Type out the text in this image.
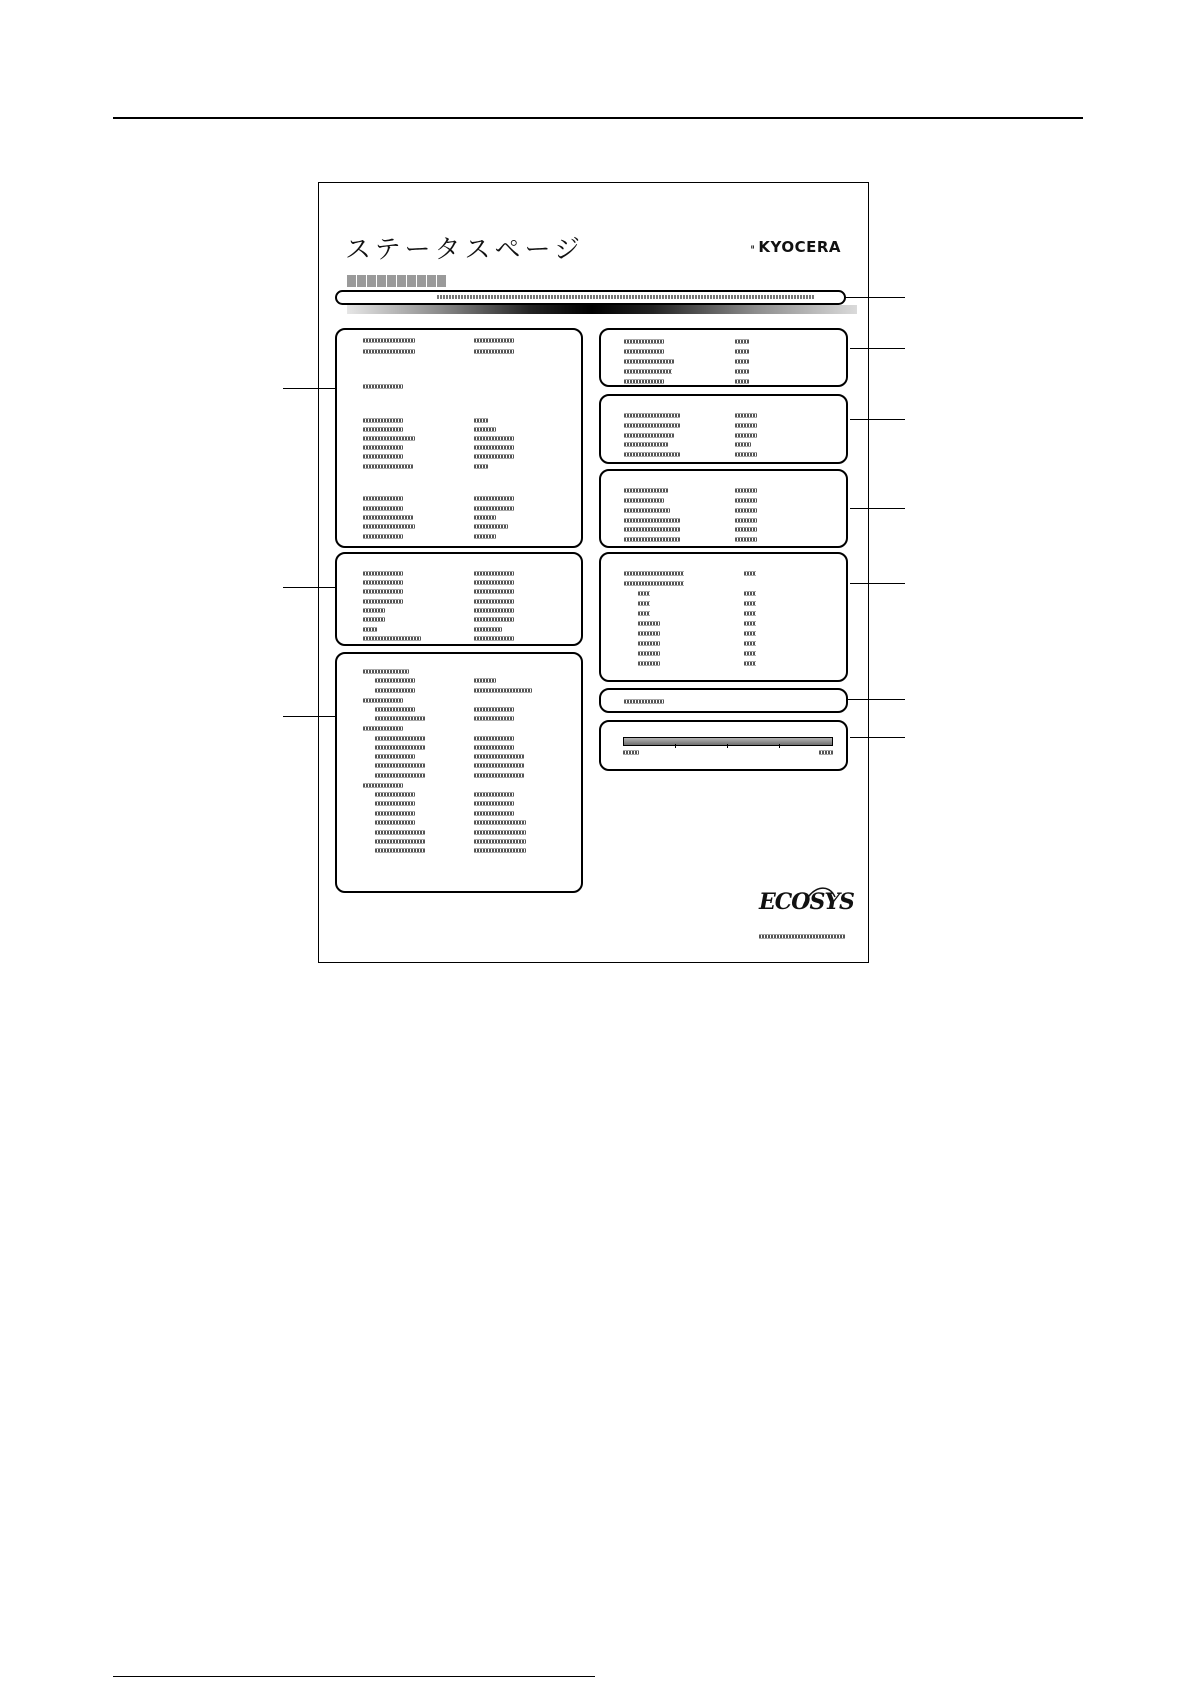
ステータスページ	KYOCERA
ECOSYS
